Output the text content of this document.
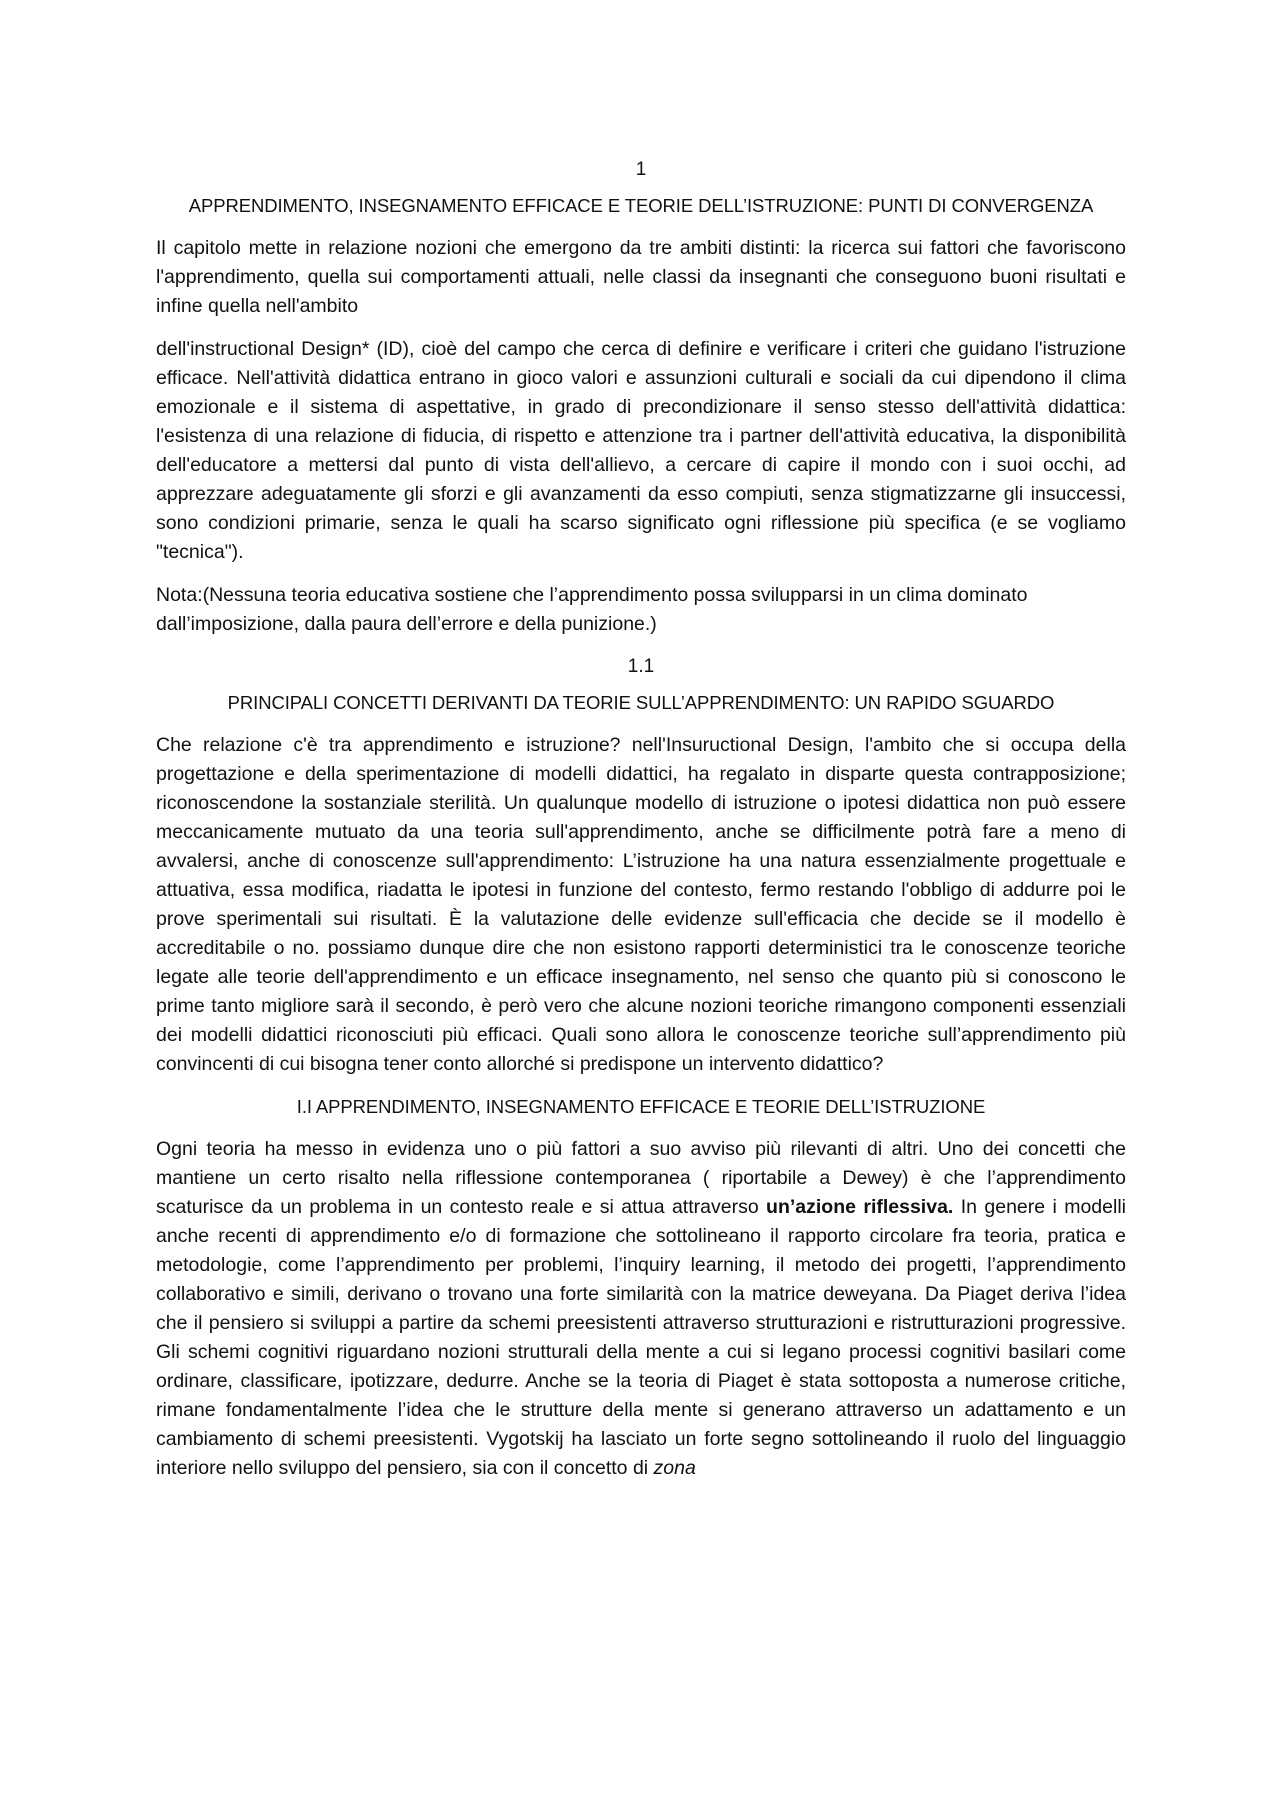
1
APPRENDIMENTO, INSEGNAMENTO EFFICACE E TEORIE DELL’ISTRUZIONE: PUNTI DI CONVERGENZA

Il capitolo mette in relazione nozioni che emergono da tre ambiti distinti: la ricerca sui fattori che favoriscono l'apprendimento, quella sui comportamenti attuali, nelle classi da insegnanti che conseguono buoni risultati e infine quella nell'ambito

dell'instructional Design* (ID), cioè del campo che cerca di definire e verificare i criteri che guidano l'istruzione efficace. Nell'attività didattica entrano in gioco valori e assunzioni culturali e sociali da cui dipendono il clima emozionale e il sistema di aspettative, in grado di precondizionare il senso stesso dell'attività didattica: l'esistenza di una relazione di fiducia, di rispetto e attenzione tra i partner dell'attività educativa, la disponibilità dell'educatore a mettersi dal punto di vista dell'allievo, a cercare di capire il mondo con i suoi occhi, ad apprezzare adeguatamente gli sforzi e gli avanzamenti da esso compiuti, senza stigmatizzarne gli insuccessi, sono condizioni primarie, senza le quali ha scarso significato ogni riflessione più specifica (e se vogliamo "tecnica").

Nota:(Nessuna teoria educativa sostiene che l’apprendimento possa svilupparsi in un clima dominato dall’imposizione, dalla paura dell’errore e della punizione.)

1.1
PRINCIPALI CONCETTI DERIVANTI DA TEORIE SULL’APPRENDIMENTO: UN RAPIDO SGUARDO

Che relazione c'è tra apprendimento e istruzione? nell'Insuructional Design, l'ambito che si occupa della progettazione e della sperimentazione di modelli didattici, ha regalato in disparte questa contrapposizione; riconoscendone la sostanziale sterilità. Un qualunque modello di istruzione o ipotesi didattica non può essere meccanicamente mutuato da una teoria sull'apprendimento, anche se difficilmente potrà fare a meno di avvalersi, anche di conoscenze sull'apprendimento: L’istruzione ha una natura essenzialmente progettuale e attuativa, essa modifica, riadatta le ipotesi in funzione del contesto, fermo restando l'obbligo di addurre poi le prove sperimentali sui risultati. È la valutazione delle evidenze sull'efficacia che decide se il modello è accreditabile o no. possiamo dunque dire che non esistono rapporti deterministici tra le conoscenze teoriche legate alle teorie dell'apprendimento e un efficace insegnamento, nel senso che quanto più si conoscono le prime tanto migliore sarà il secondo, è però vero che alcune nozioni teoriche rimangono componenti essenziali dei modelli didattici riconosciuti più efficaci. Quali sono allora le conoscenze teoriche sull’apprendimento più convincenti di cui bisogna tener conto allorché si predispone un intervento didattico?

I.I APPRENDIMENTO, INSEGNAMENTO EFFICACE E TEORIE DELL’ISTRUZIONE

Ogni teoria ha messo in evidenza uno o più fattori a suo avviso più rilevanti di altri. Uno dei concetti che mantiene un certo risalto nella riflessione contemporanea ( riportabile a Dewey) è che l’apprendimento scaturisce da un problema in un contesto reale e si attua attraverso un’azione riflessiva. In genere i modelli anche recenti di apprendimento e/o di formazione che sottolineano il rapporto circolare fra teoria, pratica e metodologie, come l’apprendimento per problemi, l’inquiry learning, il metodo dei progetti, l’apprendimento collaborativo e simili, derivano o trovano una forte similarità con la matrice deweyana. Da Piaget deriva l’idea che il pensiero si sviluppi a partire da schemi preesistenti attraverso strutturazioni e ristrutturazioni progressive. Gli schemi cognitivi riguardano nozioni strutturali della mente a cui si legano processi cognitivi basilari come ordinare, classificare, ipotizzare, dedurre. Anche se la teoria di Piaget è stata sottoposta a numerose critiche, rimane fondamentalmente l’idea che le strutture della mente si generano attraverso un adattamento e un cambiamento di schemi preesistenti. Vygotskij ha lasciato un forte segno sottolineando il ruolo del linguaggio interiore nello sviluppo del pensiero, sia con il concetto di zona
